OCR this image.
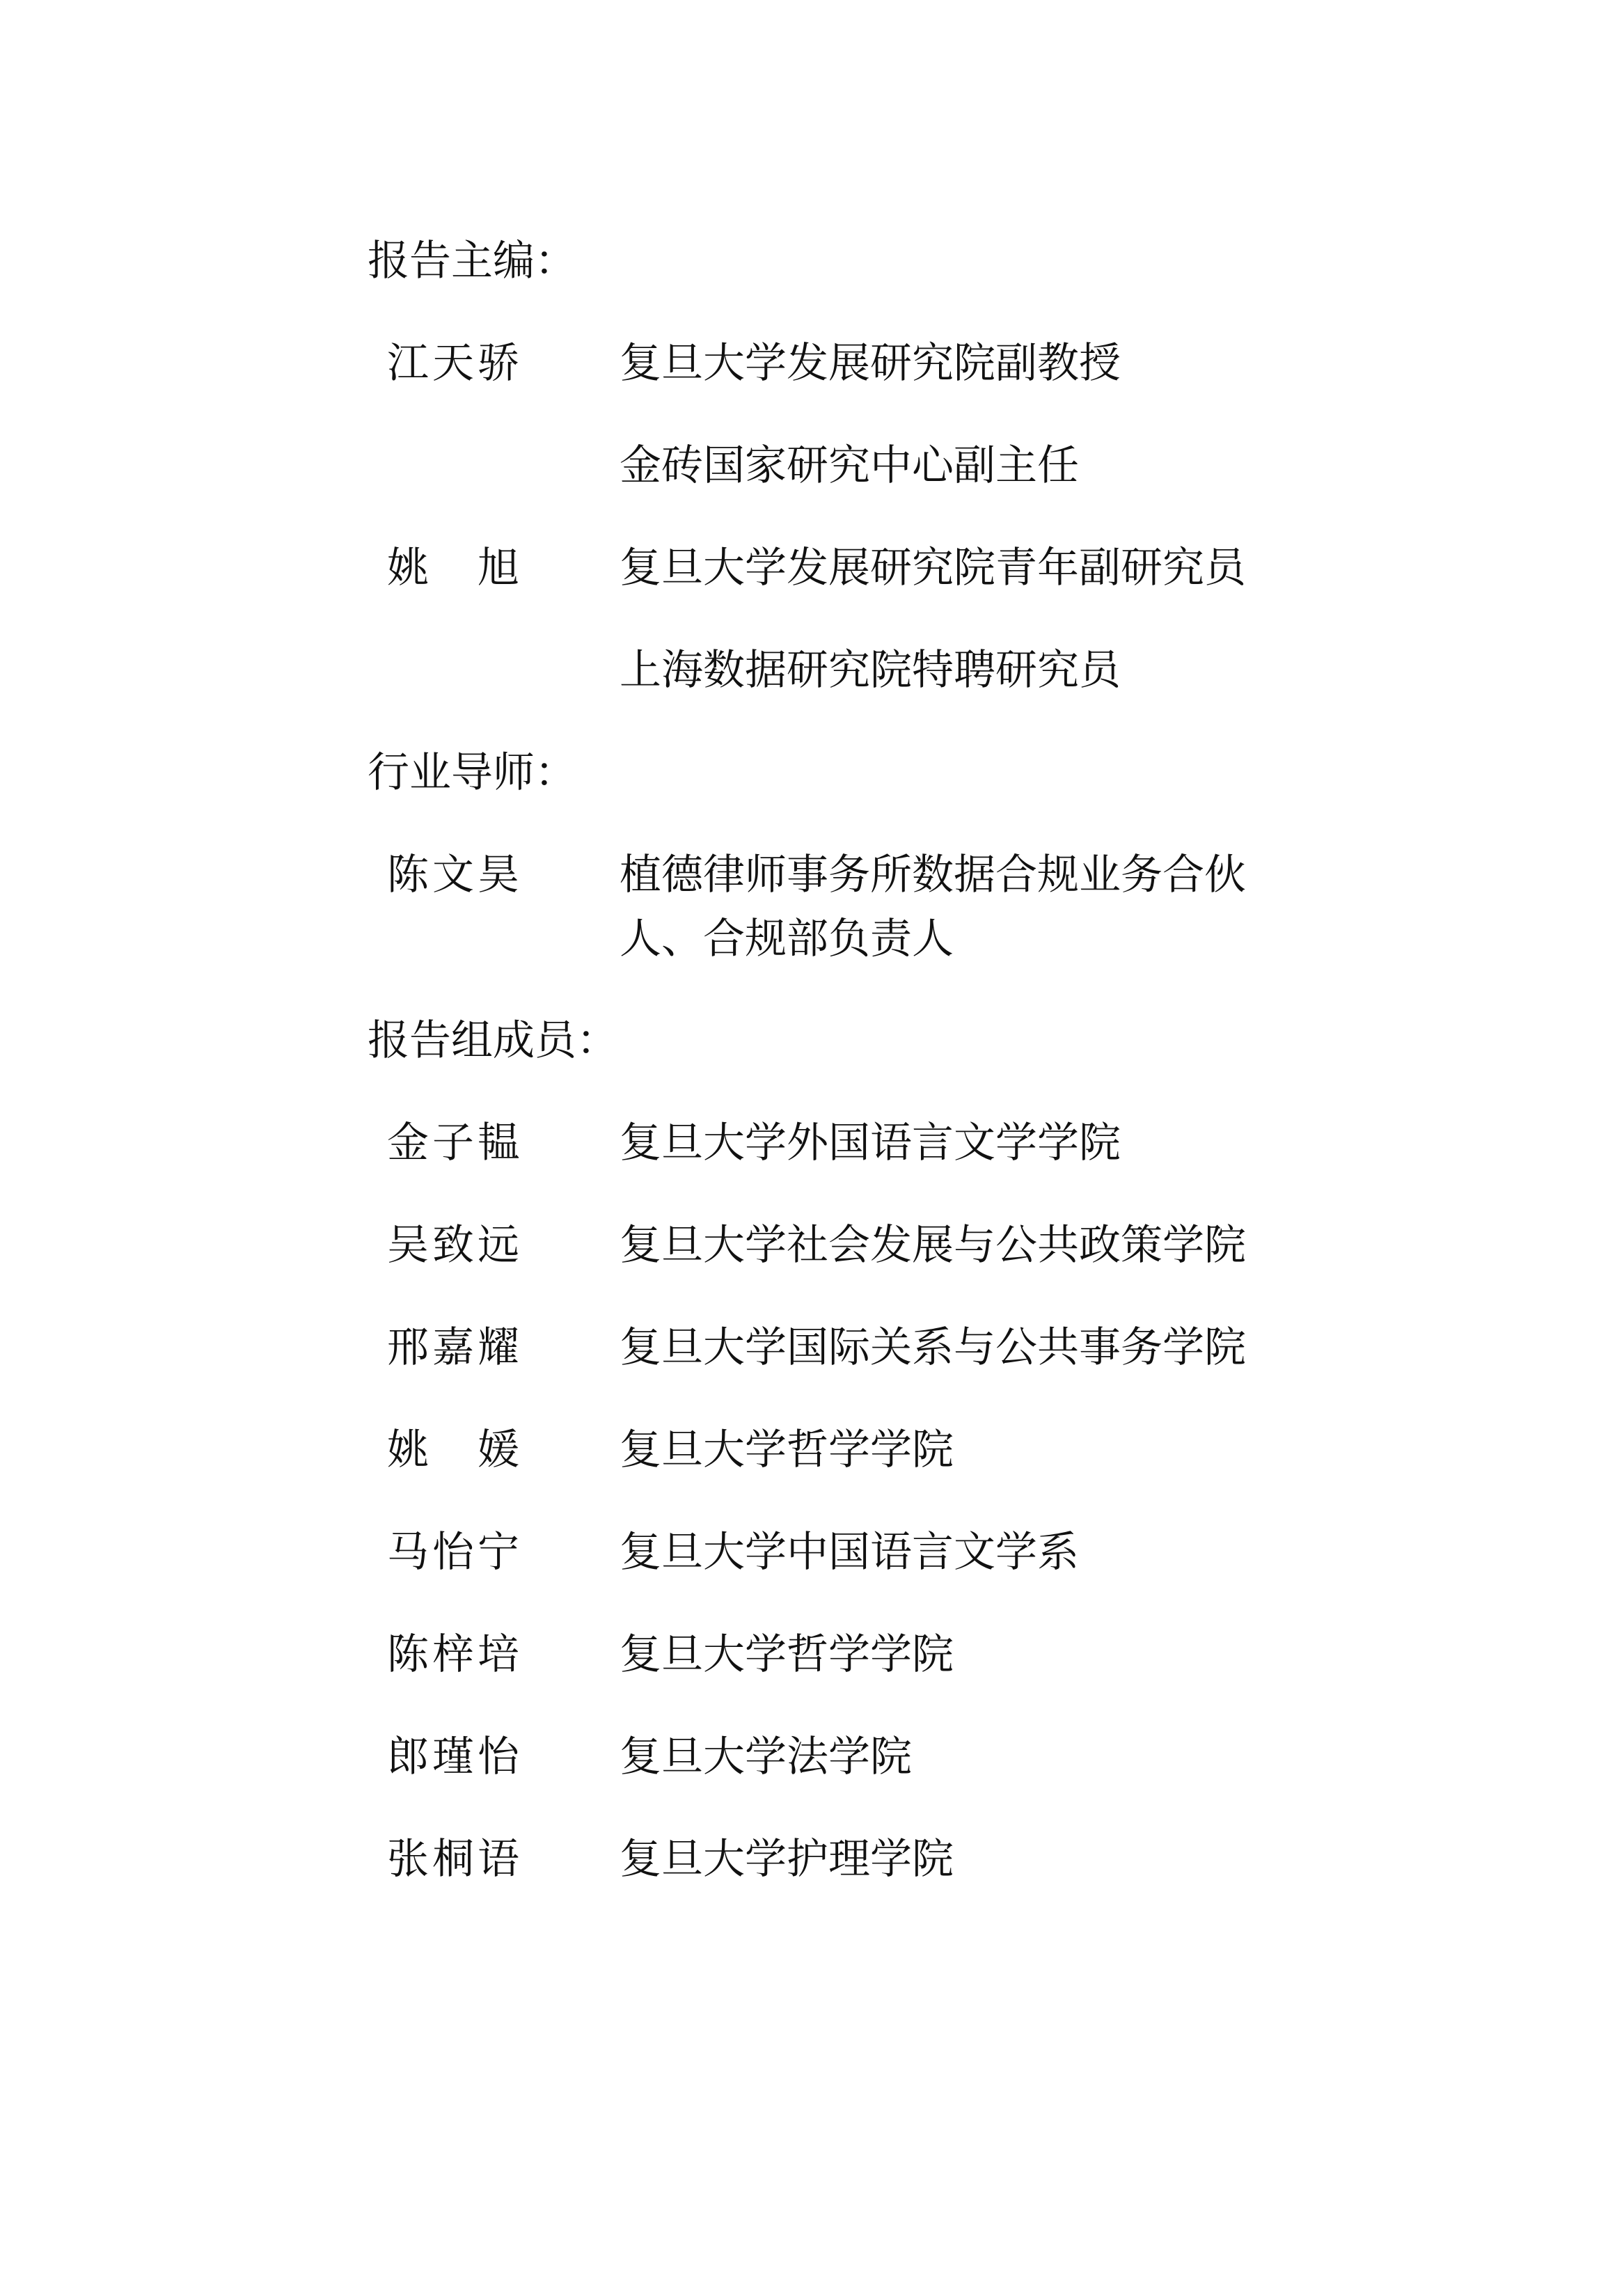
报告主编：
江 天 骄 复旦大学发展研究院副教授
金砖国家研究中心副主任
姚 旭 复旦大学发展研究院青年副研究员
上海数据研究院特聘研究员
行业导师：
陈 文 昊 植德律师事务所数据合规业务合伙
人、合规部负责人
报告组成员：
金 子 韫 复旦大学外国语言文学学院
吴 致 远 复旦大学社会发展与公共政策学院
邢 嘉 耀 复旦大学国际关系与公共事务学院
姚 媛 复旦大学哲学学院
马 怡 宁 复旦大学中国语言文学系
陈 梓 培 复旦大学哲学学院
郎 瑾 怡 复旦大学法学院
张 桐 语 复旦大学护理学院
